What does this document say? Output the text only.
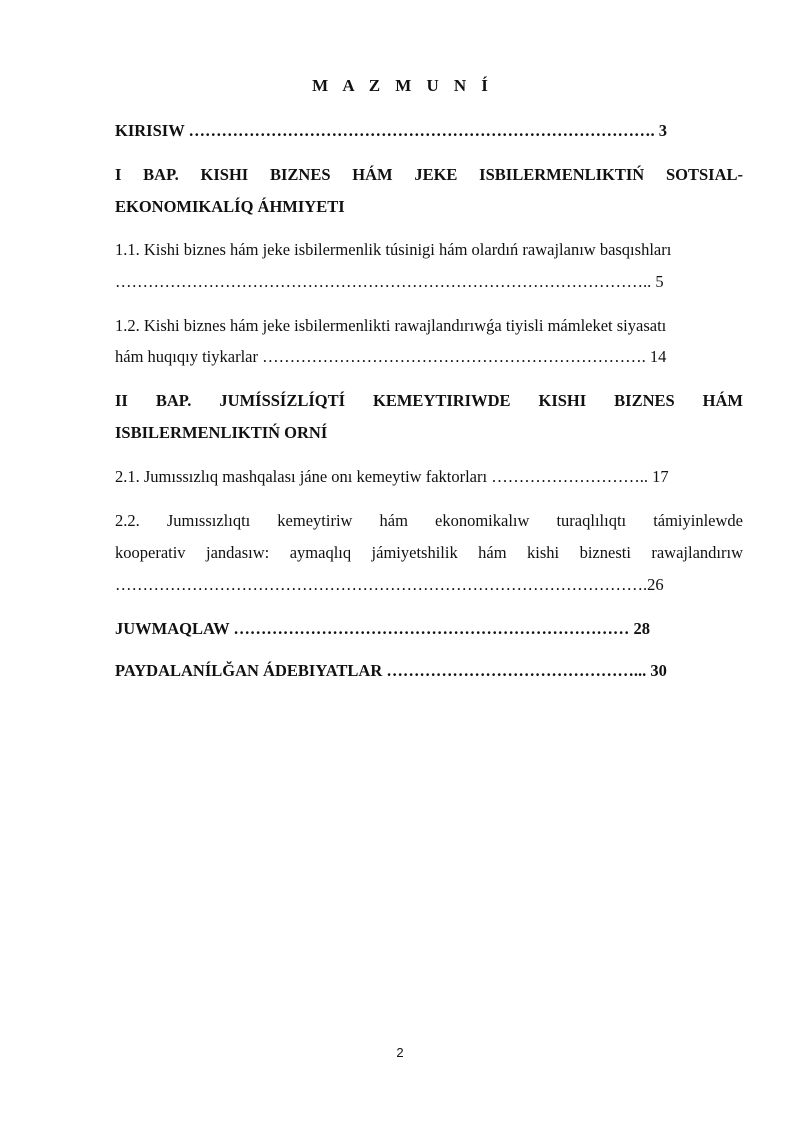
M A Z M U N Í
KIRISIW …………………………………………………………………………. 3
I BAP. KISHI BIZNES HÁM JEKE ISBILERMENLIKTIŃ SOTSIAL-
EKONOMIKALÍQ ÁHMIYETI
1.1. Kishi biznes hám jeke isbilermenlik túsinigi hám olardıń rawajlanıw basqıshları
…………………………………………………………………………………….. 5
1.2. Kishi biznes hám jeke isbilermenlikti rawajlandırıwǵa tiyisli mámleket siyasatı
hám huqıqıy tiykarlar ……………………………………………………………. 14
II BAP. JUMÍSSÍZLÍQTÍ KEMEYTIRIWDE KISHI BIZNES HÁM
ISBILERMENLIKTIŃ ORNÍ
2.1. Jumıssızlıq mashqalası jáne onı kemeytiw faktorları ……………………….. 17
2.2. Jumıssızlıqtı kemeytiriw hám ekonomikalıw turaqlılıqtı támiyinlewde
kooperativ jandasıw: aymaqlıq jámiyetshilik hám kishi biznesti rawajlandırıw
…………………………………………………………………………………….26
JUWMAQLAW ……………………………………………………………… 28
PAYDALANÍLĞAN ÁDEBIYATLAR ………………………………………... 30
2
